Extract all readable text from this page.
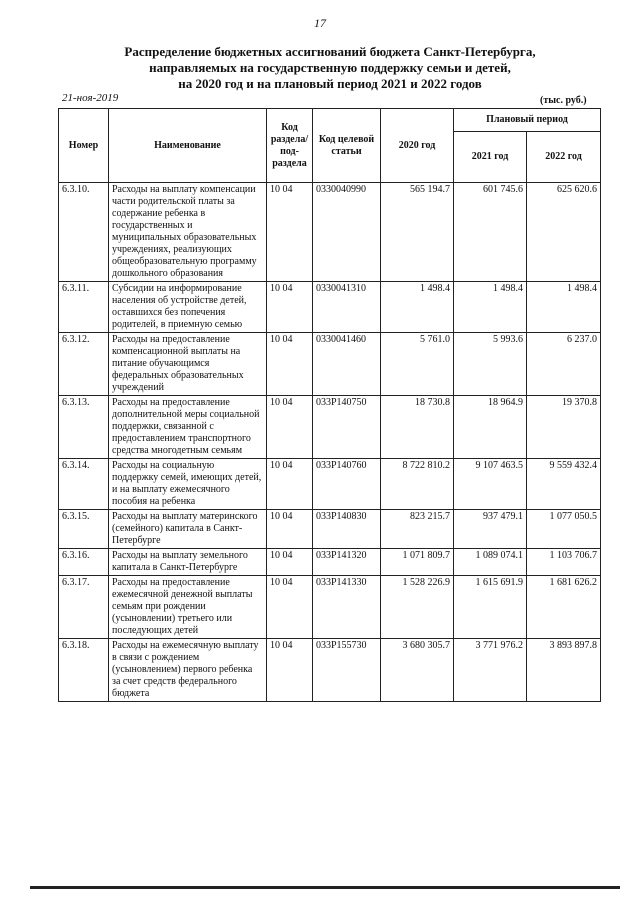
17
Распределение бюджетных ассигнований бюджета Санкт-Петербурга,
направляемых на государственную поддержку семьи и детей,
на 2020 год и на плановый период 2021 и 2022 годов
21-ноя-2019	(тыс. руб.)
Номер	Наименование	Код раздела/ под-раздела	Код целевой статьи	2020 год	Плановый период	
					2021 год	2022 год
6.3.10.	Расходы на выплату компенсации части родительской платы за содержание ребенка в государственных и муниципальных образовательных учреждениях, реализующих общеобразовательную программу дошкольного образования	10 04	0330040990	565 194.7	601 745.6	625 620.6
6.3.11.	Субсидии на информирование населения об устройстве детей, оставшихся без попечения родителей, в приемную семью	10 04	0330041310	1 498.4	1 498.4	1 498.4
6.3.12.	Расходы на предоставление компенсационной выплаты на питание обучающимся федеральных образовательных учреждений	10 04	0330041460	5 761.0	5 993.6	6 237.0
6.3.13.	Расходы на предоставление дополнительной меры социальной поддержки, связанной с предоставлением транспортного средства многодетным семьям	10 04	033P140750	18 730.8	18 964.9	19 370.8
6.3.14.	Расходы на социальную поддержку семей, имеющих детей, и на выплату ежемесячного пособия на ребенка	10 04	033P140760	8 722 810.2	9 107 463.5	9 559 432.4
6.3.15.	Расходы на выплату материнского (семейного) капитала в Санкт-Петербурге	10 04	033P140830	823 215.7	937 479.1	1 077 050.5
6.3.16.	Расходы на выплату земельного капитала в Санкт-Петербурге	10 04	033P141320	1 071 809.7	1 089 074.1	1 103 706.7
6.3.17.	Расходы на предоставление ежемесячной денежной выплаты семьям при рождении (усыновлении) третьего или последующих детей	10 04	033P141330	1 528 226.9	1 615 691.9	1 681 626.2
6.3.18.	Расходы на ежемесячную выплату в связи с рождением (усыновлением) первого ребенка за счет средств федерального бюджета	10 04	033P155730	3 680 305.7	3 771 976.2	3 893 897.8
